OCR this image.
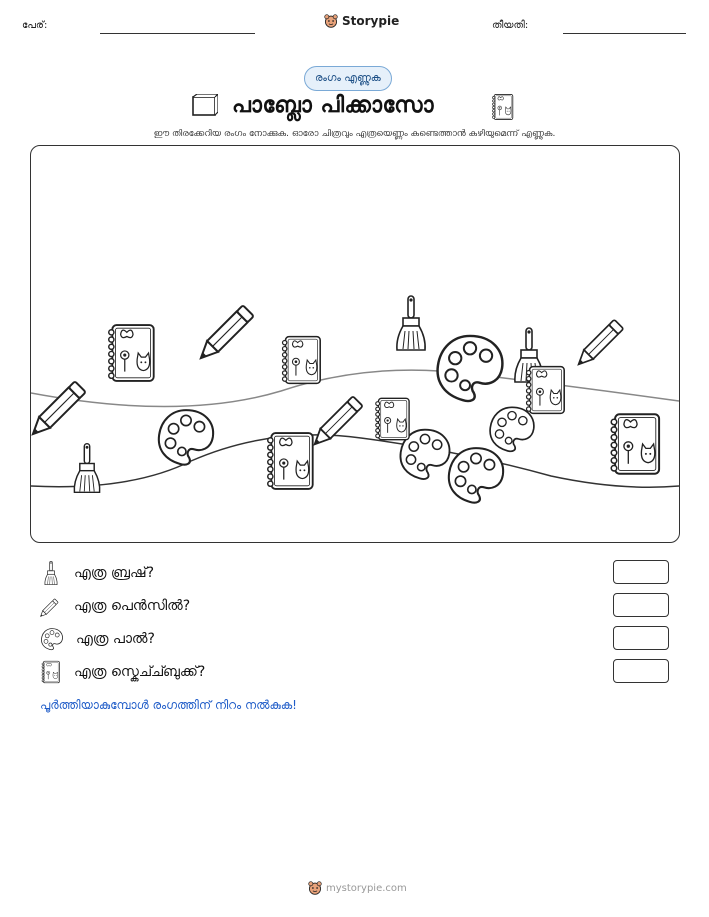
പേര്:	Storypie	തീയതി:
രംഗം എണ്ണുക
പാബ്ലോ പിക്കാസോ
ഈ തിരക്കേറിയ രംഗം നോക്കുക. ഓരോ ചിത്രവും എത്രയെണ്ണം കണ്ടെത്താൻ കഴിയുമെന്ന് എണ്ണുക.
എത്ര ബ്രഷ്?
എത്ര പെൻസിൽ?
എത്ര പാൽ?
എത്ര സ്കെച്ച്ബുക്ക്?
പൂർത്തിയാകുമ്പോൾ രംഗത്തിന് നിറം നൽകുക!
mystorypie.com
